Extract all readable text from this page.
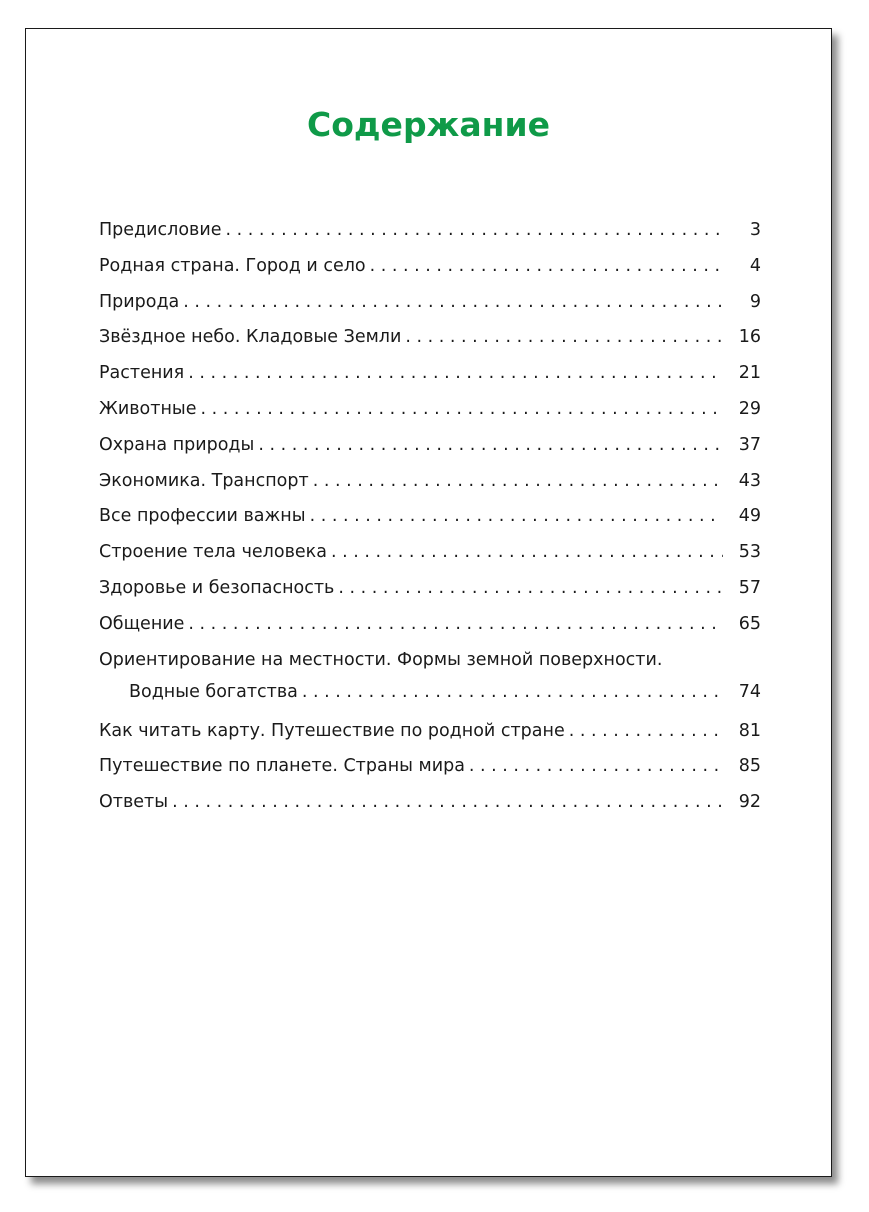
Содержание
Предисловие . . .	3
Родная страна. Город и село . . .	4
Природа . . .	9
Звёздное небо. Кладовые Земли . . .	16
Растения . . .	21
Животные . . .	29
Охрана природы . . .	37
Экономика. Транспорт . . .	43
Все профессии важны . . .	49
Строение тела человека . . .	53
Здоровье и безопасность . . .	57
Общение . . .	65
Ориентирование на местности. Формы земной поверхности.
Водные богатства . . .	74
Как читать карту. Путешествие по родной стране . . .	81
Путешествие по планете. Страны мира . . .	85
Ответы . . .	92
